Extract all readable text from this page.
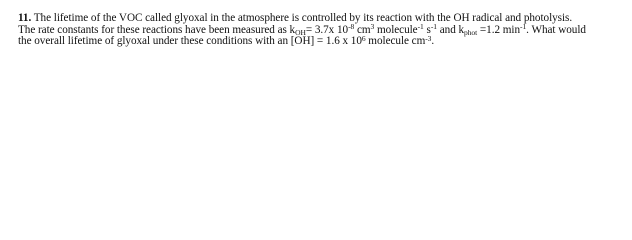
11. The lifetime of the VOC called glyoxal in the atmosphere is controlled by its reaction with the OH radical and photolysis.
The rate constants for these reactions have been measured as $k_{OH}= 3.7x$ $10^{-8}$ $cm^3$ molecule$^{-1}$ $s^{-1}$ and $k_{phot} =1.2$ $\min^{-1}$. What would
the overall lifetime of glyoxal under these conditions with an [OH] = 1.6 x $10^6$ molecule $cm^{-3}$.
